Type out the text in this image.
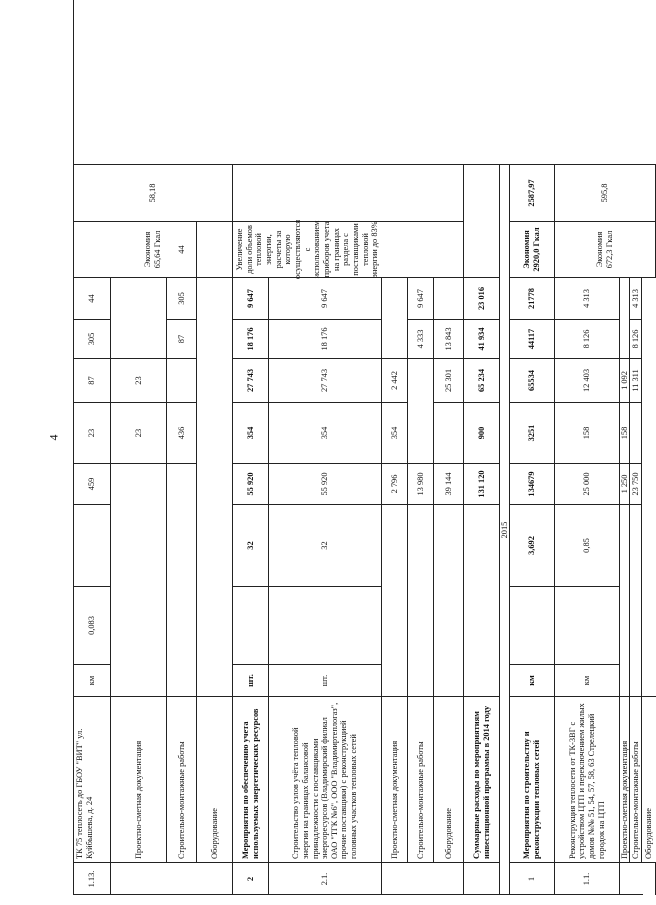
4
1.13.
ТК 75 теплосеть до ГБОУ "ВИТ" ул. Куйбышева, д. 24
км
0,083
459
23
87
305
44
Экономия 65,64 Гкал
58,18
Проектно-сметная документация
23
23
Строительно-монтажные работы
436
87
305
44
Оборудование
2
Мероприятия по обеспечению учета используемых энергетических ресурсов
шт.
32
55 920
354
27 743
18 176
9 647
Увеличение доли объемов тепловой энергии, расчеты за которую осуществляются с использованием приборов учета на границах раздела с поставщиками тепловой энергии до 83%
2.1.
Строительство узлов учёта тепловой энергии на границах балансовой принадлежности с поставщиками энергоресурсов (Владимирский филиал ОАО "ТГК №6", ООО "Владимиртеплогаз", прочие поставщики) с реконструкцией головных участков тепловых сетей
шт.
32
55 920
354
27 743
18 176
9 647
Проектно-сметная документация
2 796
354
2 442
Строительно-монтажные работы
13 980
4 333
9 647
Оборудование
39 144
25 301
13 843
Суммарные расходы по мероприятиям инвестиционной программы в 2014 году
131 120
900
65 234
41 934
23 016
2015
1
Мероприятия по строительству и реконструкции тепловых сетей
км
3,692
134679
3251
65534
44117
21778
Экономия 2920,0 Гкал
2587,97
1.1.
Реконструкция теплосети от ТК-3ВГ с устройством ЦТП и переключением жилых домов №№ 51, 54, 57, 58, 63 Стрелецкий городок на ЦТП
км
0,85
25 000
158
12 403
8 126
4 313
Экономия 672,3 Гкал
595,8
Проектно-сметная документация
1 250
158
1 092
Строительно-монтажные работы
23 750
11 311
8 126
4 313
Оборудование
